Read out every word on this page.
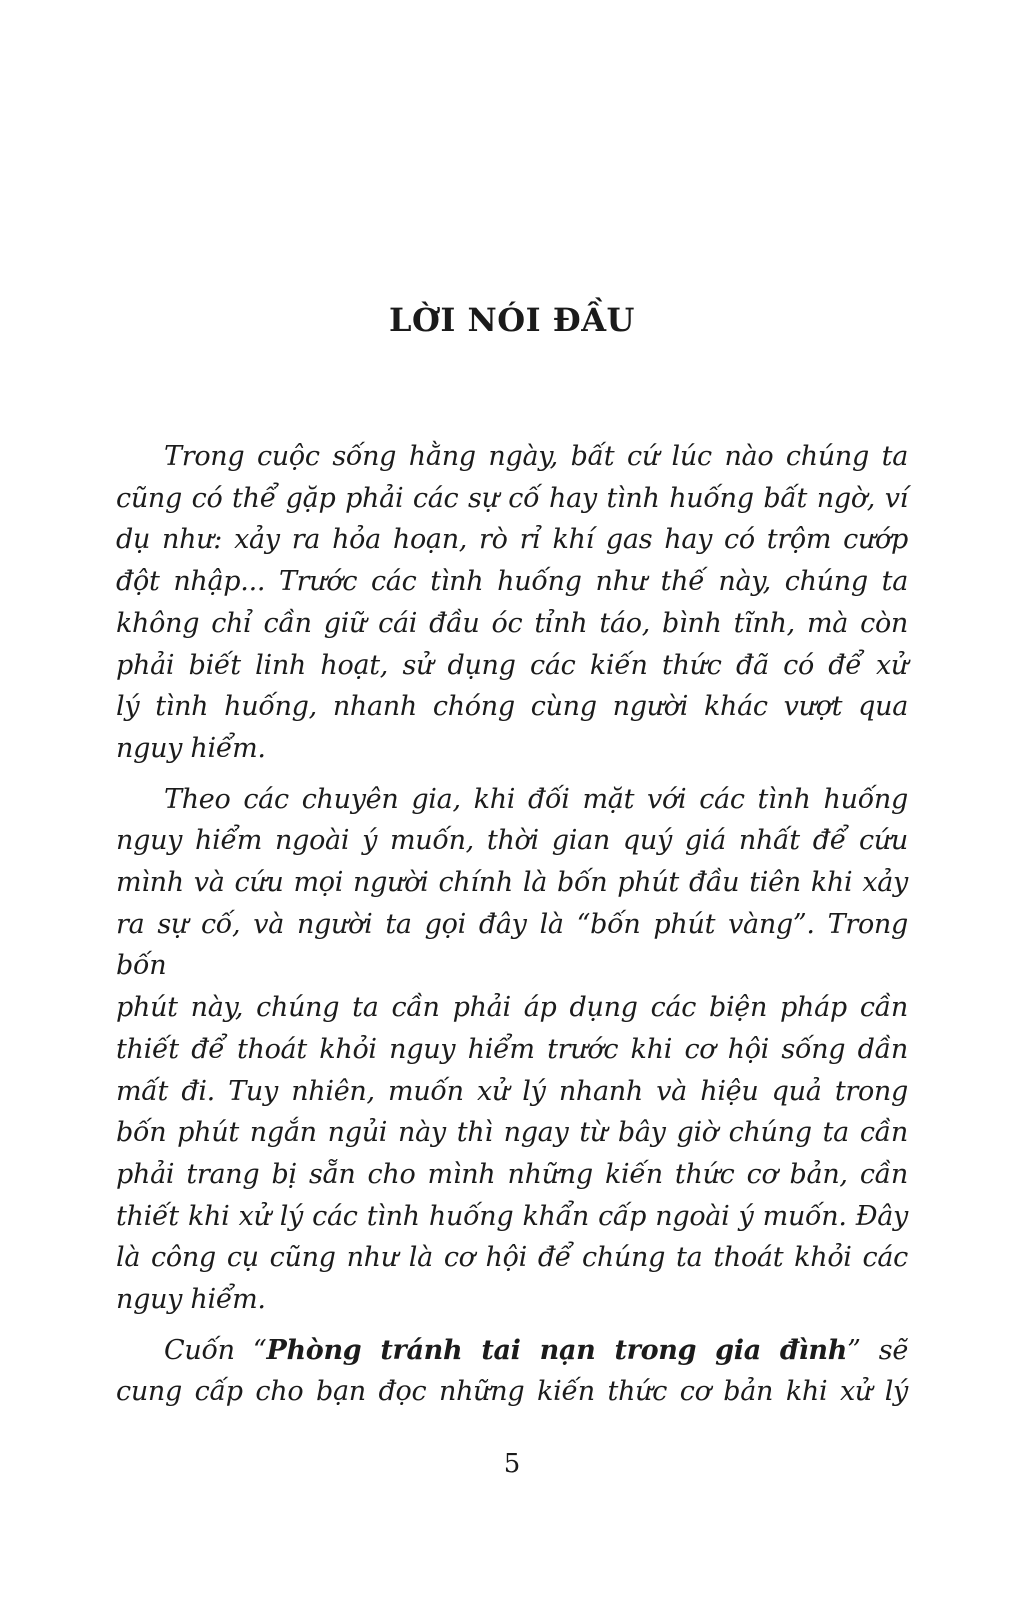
LỜI NÓI ĐẦU
Trong cuộc sống hằng ngày, bất cứ lúc nào chúng ta
cũng có thể gặp phải các sự cố hay tình huống bất ngờ, ví
dụ như: xảy ra hỏa hoạn, rò rỉ khí gas hay có trộm cướp
đột nhập... Trước các tình huống như thế này, chúng ta
không chỉ cần giữ cái đầu óc tỉnh táo, bình tĩnh, mà còn
phải biết linh hoạt, sử dụng các kiến thức đã có để xử
lý tình huống, nhanh chóng cùng người khác vượt qua
nguy hiểm.
Theo các chuyên gia, khi đối mặt với các tình huống
nguy hiểm ngoài ý muốn, thời gian quý giá nhất để cứu
mình và cứu mọi người chính là bốn phút đầu tiên khi xảy
ra sự cố, và người ta gọi đây là “bốn phút vàng”. Trong bốn
phút này, chúng ta cần phải áp dụng các biện pháp cần
thiết để thoát khỏi nguy hiểm trước khi cơ hội sống dần
mất đi. Tuy nhiên, muốn xử lý nhanh và hiệu quả trong
bốn phút ngắn ngủi này thì ngay từ bây giờ chúng ta cần
phải trang bị sẵn cho mình những kiến thức cơ bản, cần
thiết khi xử lý các tình huống khẩn cấp ngoài ý muốn. Đây
là công cụ cũng như là cơ hội để chúng ta thoát khỏi các
nguy hiểm.
Cuốn “Phòng tránh tai nạn trong gia đình” sẽ
cung cấp cho bạn đọc những kiến thức cơ bản khi xử lý
5
